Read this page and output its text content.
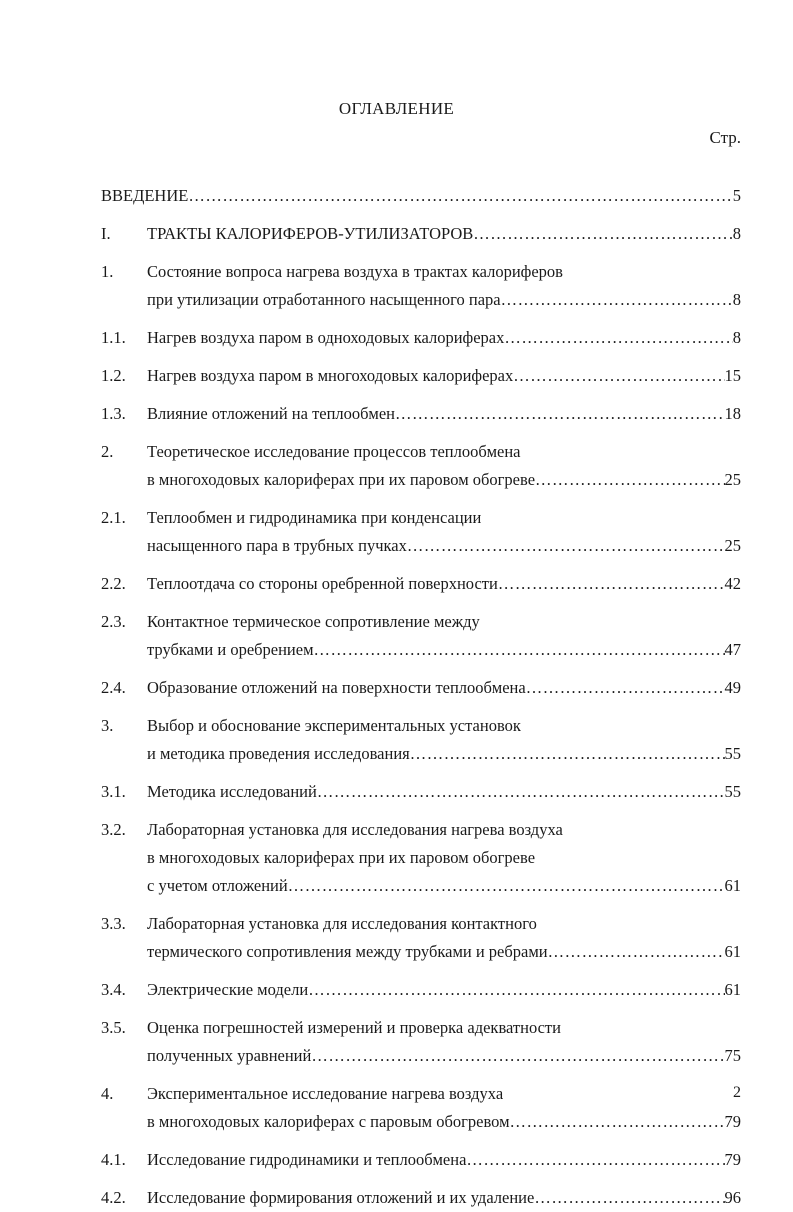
ОГЛАВЛЕНИЕ
Стр.
ВВЕДЕНИЕ ……………………………………………………………………………………………………………………………………………………………………………………	5
I. ТРАКТЫ КАЛОРИФЕРОВ-УТИЛИЗАТОРОВ ……………………………………………………………………………………………………………………………………………………………………………………	8
1. Состояние вопроса нагрева воздуха в трактах калориферов
при утилизации отработанного насыщенного пара ……………………………………………………………………………………………………………………………………………………………………………………	8
1.1. Нагрев воздуха паром в одноходовых калориферах ……………………………………………………………………………………………………………………………………………………………………………………	8
1.2. Нагрев воздуха паром в многоходовых калориферах ……………………………………………………………………………………………………………………………………………………………………………………	15
1.3. Влияние отложений на теплообмен ……………………………………………………………………………………………………………………………………………………………………………………	18
2. Теоретическое исследование процессов теплообмена
в многоходовых калориферах при их паровом обогреве ……………………………………………………………………………………………………………………………………………………………………………………	25
2.1. Теплообмен и гидродинамика при конденсации
насыщенного пара в трубных пучках ……………………………………………………………………………………………………………………………………………………………………………………	25
2.2. Теплоотдача со стороны оребренной поверхности ……………………………………………………………………………………………………………………………………………………………………………………	42
2.3. Контактное термическое сопротивление между
трубками и оребрением ……………………………………………………………………………………………………………………………………………………………………………………	47
2.4. Образование отложений на поверхности теплообмена ……………………………………………………………………………………………………………………………………………………………………………………	49
3. Выбор и обоснование экспериментальных установок
и методика проведения исследования ……………………………………………………………………………………………………………………………………………………………………………………	55
3.1. Методика исследований ……………………………………………………………………………………………………………………………………………………………………………………	55
3.2. Лабораторная установка для исследования нагрева воздуха
в многоходовых калориферах при их паровом обогреве
с учетом отложений ……………………………………………………………………………………………………………………………………………………………………………………	61
3.3. Лабораторная установка для исследования контактного
термического сопротивления между трубками и ребрами ……………………………………………………………………………………………………………………………………………………………………………………	61
3.4. Электрические модели ……………………………………………………………………………………………………………………………………………………………………………………	61
3.5. Оценка погрешностей измерений и проверка адекватности
полученных уравнений ……………………………………………………………………………………………………………………………………………………………………………………	75
4. Экспериментальное исследование нагрева воздуха
в многоходовых калориферах с паровым обогревом ……………………………………………………………………………………………………………………………………………………………………………………	79
4.1. Исследование гидродинамики и теплообмена ……………………………………………………………………………………………………………………………………………………………………………………	79
4.2. Исследование формирования отложений и их удаление ……………………………………………………………………………………………………………………………………………………………………………………	96
2
